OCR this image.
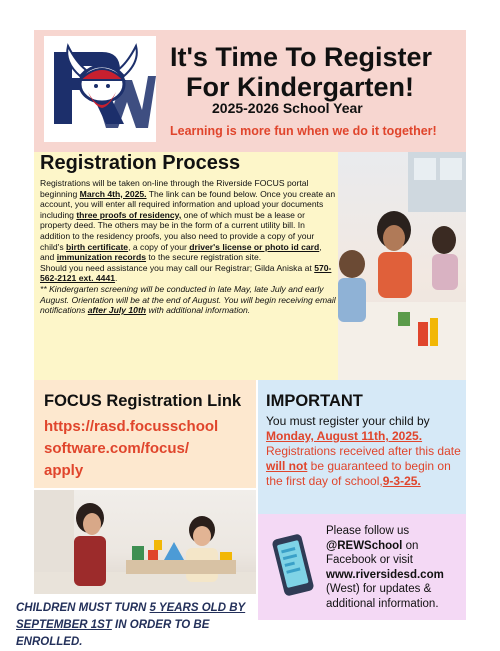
It's Time To Register
For Kindergarten!
2025-2026 School Year
Learning is more fun when we do it together!
Registration Process

Registrations will be taken on-line through the Riverside FOCUS portal beginning March 4th, 2025. The link can be found below. Once you create an account, you will enter all required information and upload your documents including three proofs of residency, one of which must be a lease or property deed. The others may be in the form of a current utility bill. In addition to the residency proofs, you also need to provide a copy of your child's birth certificate, a copy of your driver's license or photo id card, and immunization records to the secure registration site.

Should you need assistance you may call our Registrar; Gilda Aniska at 570-562-2121 ext. 4441.

** Kindergarten screening will be conducted in late May, late July and early August. Orientation will be at the end of August. You will begin receiving email notifications after July 10th with additional information.

FOCUS Registration Link
https://rasd.focusschool
software.com/focus/
apply
IMPORTANT
You must register your child by Monday, August 11th, 2025. Registrations received after this date will not be guaranteed to begin on the first day of school,9-3-25.
Please follow us @REWSchool on Facebook or visit www.riversidesd.com (West) for updates & additional information.
CHILDREN MUST TURN 5 YEARS OLD BY SEPTEMBER 1ST IN ORDER TO BE ENROLLED.
